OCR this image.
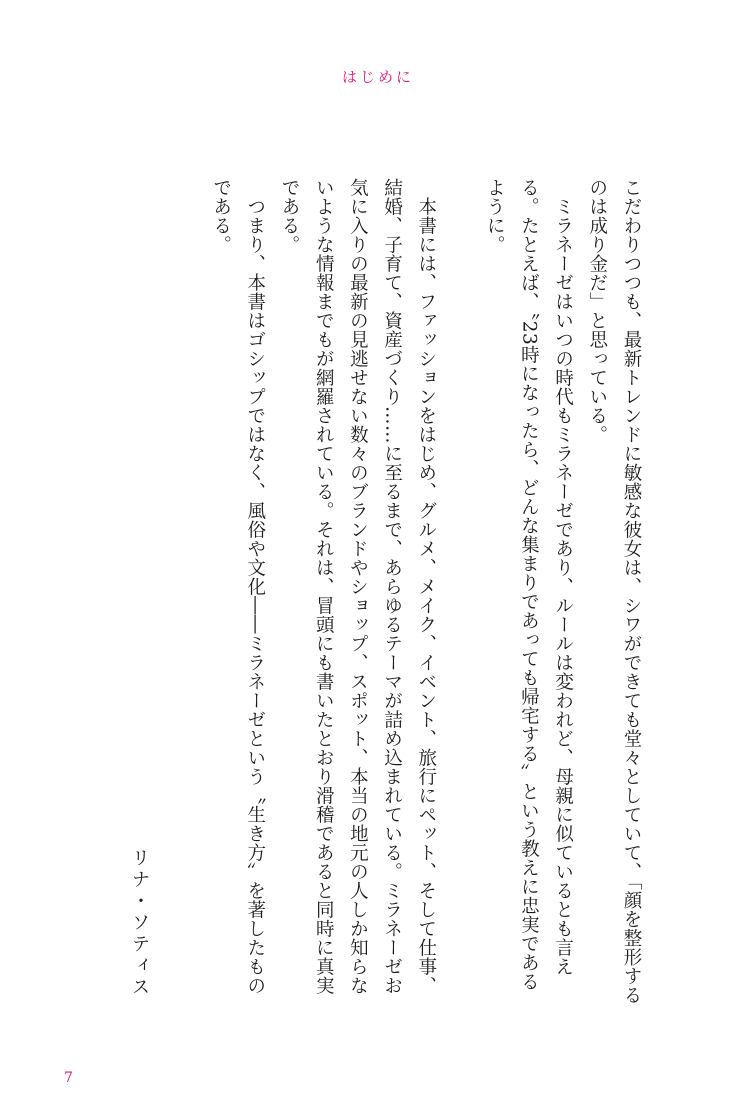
はじめに

こだわりつつも、最新トレンドに敏感な彼女は、シワができても堂々としていて、「顔を整形するのは成り金だ」と思っている。

ミラネーゼはいつの時代もミラネーゼであり、ルールは変われど、母親に似ているとも言える。たとえば、〝23時になったら、どんな集まりであっても帰宅する〟という教えに忠実であるように。

本書には、ファッションをはじめ、グルメ、メイク、イベント、旅行にペット、そして仕事、結婚、子育て、資産づくり……に至るまで、あらゆるテーマが詰め込まれている。ミラネーゼお気に入りの最新の見逃せない数々のブランドやショップ、スポット、本当の地元の人しか知らないような情報までもが網羅されている。それは、冒頭にも書いたとおり滑稽であると同時に真実である。

つまり、本書はゴシップではなく、風俗や文化――ミラネーゼという〝生き方〟を著したものである。

リナ・ソティス

7
